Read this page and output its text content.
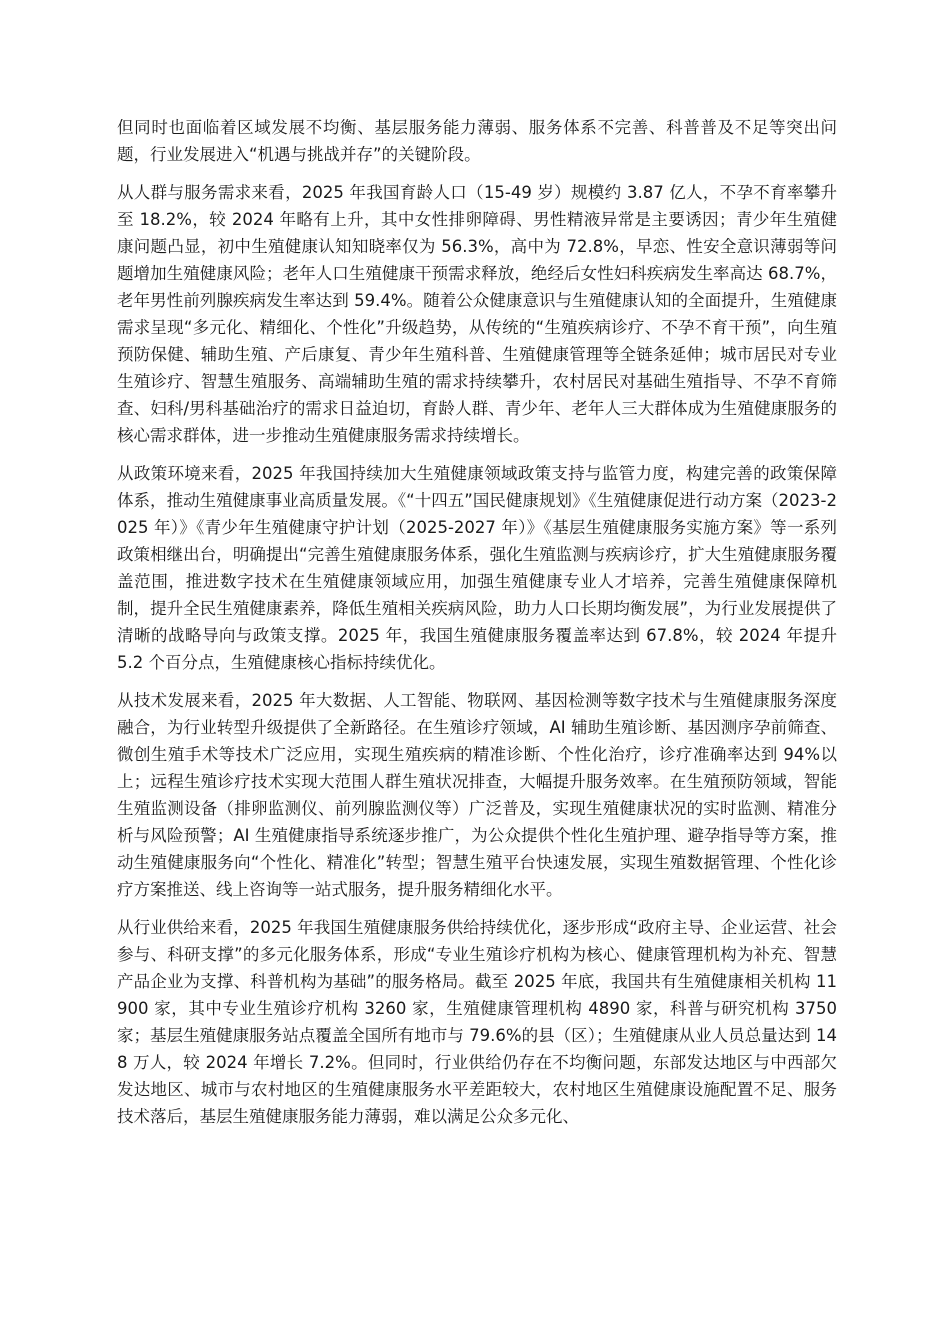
但同时也面临着区域发展不均衡、基层服务能力薄弱、服务体系不完善、科普普及不足等突出问题，行业发展进入“机遇与挑战并存”的关键阶段。

从人群与服务需求来看，2025 年我国育龄人口（15-49 岁）规模约 3.87 亿人，不孕不育率攀升至 18.2%，较 2024 年略有上升，其中女性排卵障碍、男性精液异常是主要诱因；青少年生殖健康问题凸显，初中生殖健康认知知晓率仅为 56.3%，高中为 72.8%，早恋、性安全意识薄弱等问题增加生殖健康风险；老年人口生殖健康干预需求释放，绝经后女性妇科疾病发生率高达 68.7%，老年男性前列腺疾病发生率达到 59.4%。随着公众健康意识与生殖健康认知的全面提升，生殖健康需求呈现“多元化、精细化、个性化”升级趋势，从传统的“生殖疾病诊疗、不孕不育干预”，向生殖预防保健、辅助生殖、产后康复、青少年生殖科普、生殖健康管理等全链条延伸；城市居民对专业生殖诊疗、智慧生殖服务、高端辅助生殖的需求持续攀升，农村居民对基础生殖指导、不孕不育筛查、妇科/男科基础治疗的需求日益迫切，育龄人群、青少年、老年人三大群体成为生殖健康服务的核心需求群体，进一步推动生殖健康服务需求持续增长。

从政策环境来看，2025 年我国持续加大生殖健康领域政策支持与监管力度，构建完善的政策保障体系，推动生殖健康事业高质量发展。《“十四五”国民健康规划》《生殖健康促进行动方案（2023-2025 年）》《青少年生殖健康守护计划（2025-2027 年）》《基层生殖健康服务实施方案》等一系列政策相继出台，明确提出“完善生殖健康服务体系，强化生殖监测与疾病诊疗，扩大生殖健康服务覆盖范围，推进数字技术在生殖健康领域应用，加强生殖健康专业人才培养，完善生殖健康保障机制，提升全民生殖健康素养，降低生殖相关疾病风险，助力人口长期均衡发展”，为行业发展提供了清晰的战略导向与政策支撑。2025 年，我国生殖健康服务覆盖率达到 67.8%，较 2024 年提升 5.2 个百分点，生殖健康核心指标持续优化。

从技术发展来看，2025 年大数据、人工智能、物联网、基因检测等数字技术与生殖健康服务深度融合，为行业转型升级提供了全新路径。在生殖诊疗领域，AI 辅助生殖诊断、基因测序孕前筛查、微创生殖手术等技术广泛应用，实现生殖疾病的精准诊断、个性化治疗，诊疗准确率达到 94%以上；远程生殖诊疗技术实现大范围人群生殖状况排查，大幅提升服务效率。在生殖预防领域，智能生殖监测设备（排卵监测仪、前列腺监测仪等）广泛普及，实现生殖健康状况的实时监测、精准分析与风险预警；AI 生殖健康指导系统逐步推广，为公众提供个性化生殖护理、避孕指导等方案，推动生殖健康服务向“个性化、精准化”转型；智慧生殖平台快速发展，实现生殖数据管理、个性化诊疗方案推送、线上咨询等一站式服务，提升服务精细化水平。

从行业供给来看，2025 年我国生殖健康服务供给持续优化，逐步形成“政府主导、企业运营、社会参与、科研支撑”的多元化服务体系，形成“专业生殖诊疗机构为核心、健康管理机构为补充、智慧产品企业为支撑、科普机构为基础”的服务格局。截至 2025 年底，我国共有生殖健康相关机构 11900 家，其中专业生殖诊疗机构 3260 家，生殖健康管理机构 4890 家，科普与研究机构 3750 家；基层生殖健康服务站点覆盖全国所有地市与 79.6%的县（区）；生殖健康从业人员总量达到 148 万人，较 2024 年增长 7.2%。但同时，行业供给仍存在不均衡问题，东部发达地区与中西部欠发达地区、城市与农村地区的生殖健康服务水平差距较大，农村地区生殖健康设施配置不足、服务技术落后，基层生殖健康服务能力薄弱，难以满足公众多元化、
